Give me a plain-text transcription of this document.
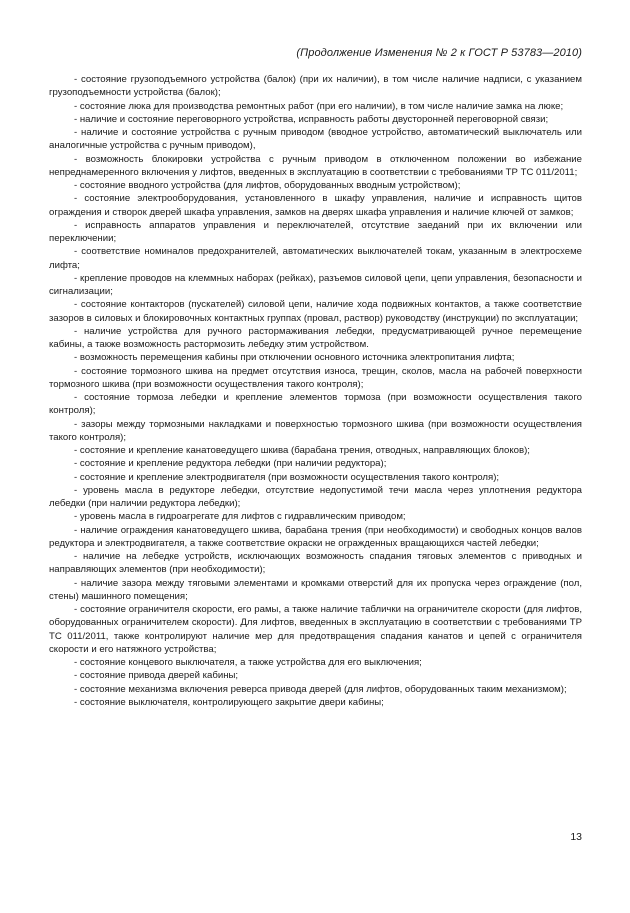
(Продолжение Изменения № 2 к ГОСТ Р 53783—2010)

- состояние грузоподъемного устройства (балок) (при их наличии), в том числе наличие надписи, с указанием грузоподъемности устройства (балок);

- состояние люка для производства ремонтных работ (при его наличии), в том числе наличие замка на люке;

- наличие и состояние переговорного устройства, исправность работы двусторонней переговорной связи;

- наличие и состояние устройства с ручным приводом (вводное устройство, автоматический выключатель или аналогичные устройства с ручным приводом),

- возможность блокировки устройства с ручным приводом в отключенном положении во избежание непреднамеренного включения у лифтов, введенных в эксплуатацию в соответствии с требованиями ТР ТС 011/2011;

- состояние вводного устройства (для лифтов, оборудованных вводным устройством);

- состояние электрооборудования, установленного в шкафу управления, наличие и исправность щитов ограждения и створок дверей шкафа управления, замков на дверях шкафа управления и наличие ключей от замков;

- исправность аппаратов управления и переключателей, отсутствие заеданий при их включении или переключении;

- соответствие номиналов предохранителей, автоматических выключателей токам, указанным в электросхеме лифта;

- крепление проводов на клеммных наборах (рейках), разъемов силовой цепи, цепи управления, безопасности и сигнализации;

- состояние контакторов (пускателей) силовой цепи, наличие хода подвижных контактов, а также соответствие зазоров в силовых и блокировочных контактных группах (провал, раствор) руководству (инструкции) по эксплуатации;

- наличие устройства для ручного растормаживания лебедки, предусматривающей ручное перемещение кабины, а также возможность растормозить лебедку этим устройством.

- возможность перемещения кабины при отключении основного источника электропитания лифта;

- состояние тормозного шкива на предмет отсутствия износа, трещин, сколов, масла на рабочей поверхности тормозного шкива (при возможности осуществления такого контроля);

- состояние тормоза лебедки и крепление элементов тормоза (при возможности осуществления такого контроля);

- зазоры между тормозными накладками и поверхностью тормозного шкива (при возможности осуществления такого контроля);

- состояние и крепление канатоведущего шкива (барабана трения, отводных, направляющих блоков);

- состояние и крепление редуктора лебедки (при наличии редуктора);

- состояние и крепление электродвигателя (при возможности осуществления такого контроля);

- уровень масла в редукторе лебедки, отсутствие недопустимой течи масла через уплотнения редуктора лебедки (при наличии редуктора лебедки);

- уровень масла в гидроагрегате для лифтов с гидравлическим приводом;

- наличие ограждения канатоведущего шкива, барабана трения (при необходимости) и свободных концов валов редуктора и электродвигателя, а также соответствие окраски не огражденных вращающихся частей лебедки;

- наличие на лебедке устройств, исключающих возможность спадания тяговых элементов с приводных и направляющих элементов (при необходимости);

- наличие зазора между тяговыми элементами и кромками отверстий для их пропуска через ограждение (пол, стены) машинного помещения;

- состояние ограничителя скорости, его рамы, а также наличие таблички на ограничителе скорости (для лифтов, оборудованных ограничителем скорости). Для лифтов, введенных в эксплуатацию в соответствии с требованиями ТР ТС 011/2011, также контролируют наличие мер для предотвращения спадания канатов и цепей с ограничителя скорости и его натяжного устройства;

- состояние концевого выключателя, а также устройства для его выключения;

- состояние привода дверей кабины;

- состояние механизма включения реверса привода дверей (для лифтов, оборудованных таким механизмом);

- состояние выключателя, контролирующего закрытие двери кабины;

13
